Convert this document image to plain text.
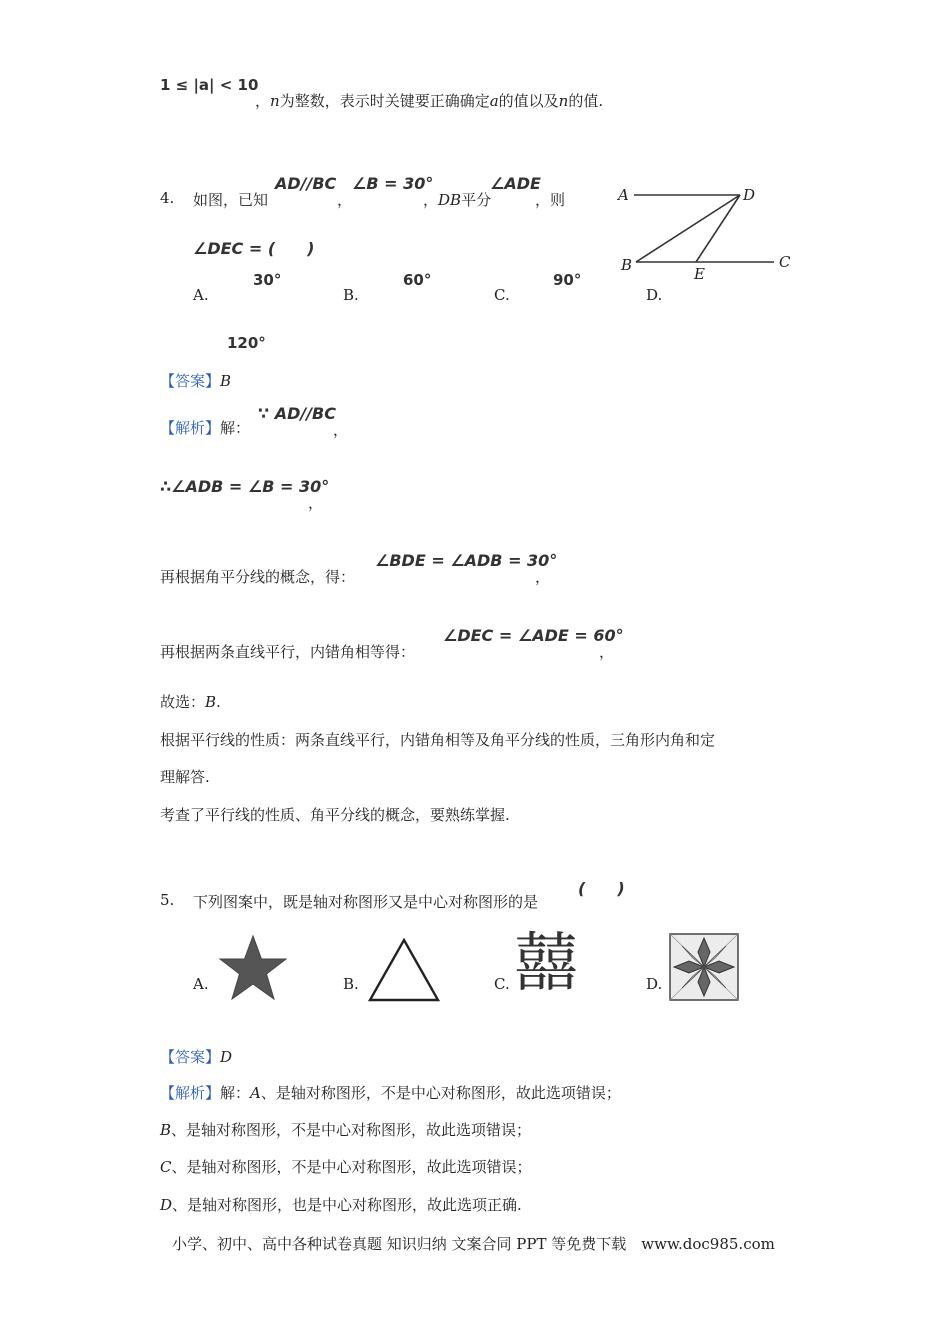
1 ≤ |a| < 10
，n为整数，表示时关键要正确确定a的值以及n的值.
4. 如图，已知
AD//BC
，
∠B = 30°
，DB平分
∠ADE
，则
∠DEC = (　　)
A.
30°
B.
60°
C.
90°
D.
120°
A	D
B	E
C
【答案】B
【解析】解：
∵ AD//BC
，
∴∠ADB = ∠B = 30°
，
再根据角平分线的概念，得：
∠BDE = ∠ADB = 30°
，
再根据两条直线平行，内错角相等得：
∠DEC = ∠ADE = 60°
，
故选：B.
根据平行线的性质：两条直线平行，内错角相等及角平分线的性质，三角形内角和定
理解答.
考查了平行线的性质、角平分线的概念，要熟练掌握.
5. 下列图案中，既是轴对称图形又是中心对称图形的是
(　　)
A.	B.	C. 囍	D.
【答案】D
【解析】解：A、是轴对称图形，不是中心对称图形，故此选项错误；
B、是轴对称图形，不是中心对称图形，故此选项错误；
C、是轴对称图形，不是中心对称图形，故此选项错误；
D、是轴对称图形，也是中心对称图形，故此选项正确.
小学、初中、高中各种试卷真题 知识归纳 文案合同 PPT 等免费下载　www.doc985.com
